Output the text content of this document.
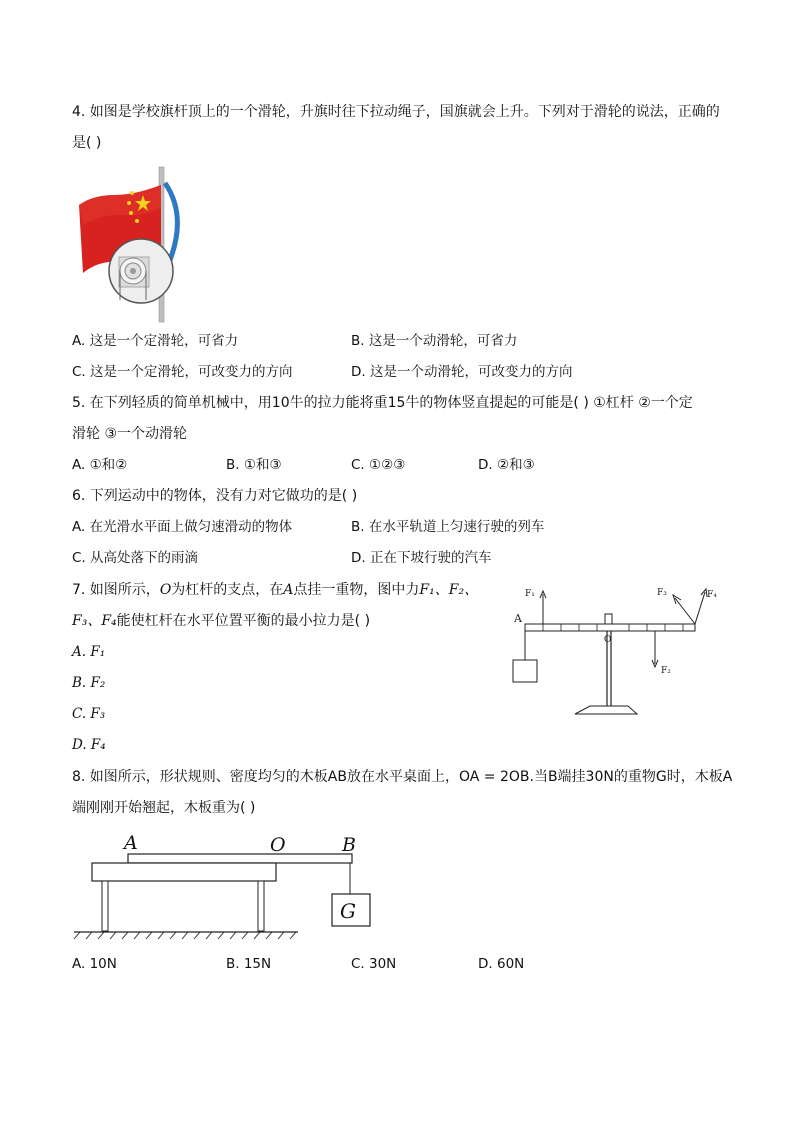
4. 如图是学校旗杆顶上的一个滑轮，升旗时往下拉动绳子，国旗就会上升。下列对于滑轮的说法，正确的
是( )
A. 这是一个定滑轮，可省力	B. 这是一个动滑轮，可省力
C. 这是一个定滑轮，可改变力的方向	D. 这是一个动滑轮，可改变力的方向
5. 在下列轻质的简单机械中，用10牛的拉力能将重15牛的物体竖直提起的可能是( ) ①杠杆 ②一个定
滑轮 ③一个动滑轮
A. ①和②	B. ①和③	C. ①②③	D. ②和③
6. 下列运动中的物体，没有力对它做功的是( )
A. 在光滑水平面上做匀速滑动的物体	B. 在水平轨道上匀速行驶的列车
C. 从高处落下的雨滴	D. 正在下坡行驶的汽车
7. 如图所示，O为杠杆的支点，在A点挂一重物，图中力F₁、F₂、
F₃、F₄能使杠杆在水平位置平衡的最小拉力是( )
A. F₁
B. F₂
C. F₃
D. F₄
A
O
F₁
F₂
F₃	F₄
8. 如图所示，形状规则、密度均匀的木板AB放在水平桌面上，OA = 2OB.当B端挂30N的重物G时，木板A
端刚刚开始翘起，木板重为( )
G
A	O	B
A. 10N	B. 15N	C. 30N	D. 60N
